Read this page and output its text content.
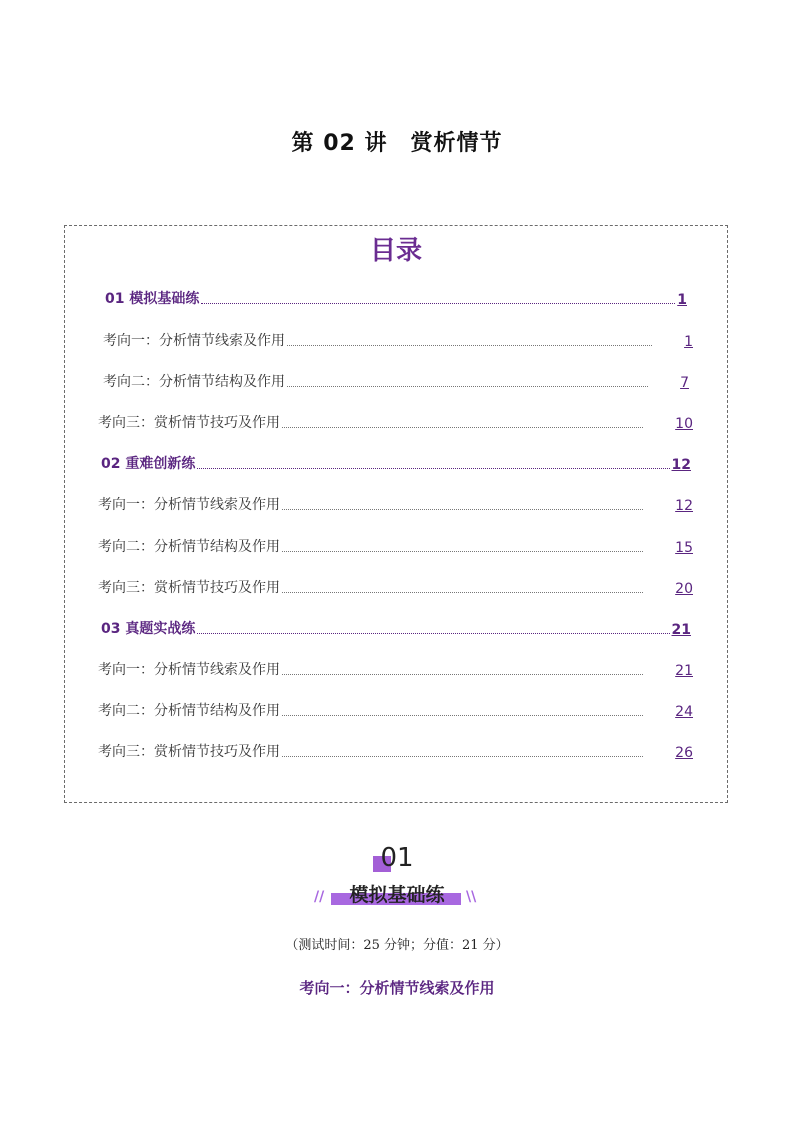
第 02 讲　赏析情节
目录
01 模拟基础练	1
考向一：分析情节线索及作用	1
考向二：分析情节结构及作用	7
考向三：赏析情节技巧及作用	10
02 重难创新练	12
考向一：分析情节线索及作用	12
考向二：分析情节结构及作用	15
考向三：赏析情节技巧及作用	20
03 真题实战练	21
考向一：分析情节线索及作用	21
考向二：分析情节结构及作用	24
考向三：赏析情节技巧及作用	26
01
//	模拟基础练	\\
（测试时间：25 分钟；分值：21 分）
考向一：分析情节线索及作用
